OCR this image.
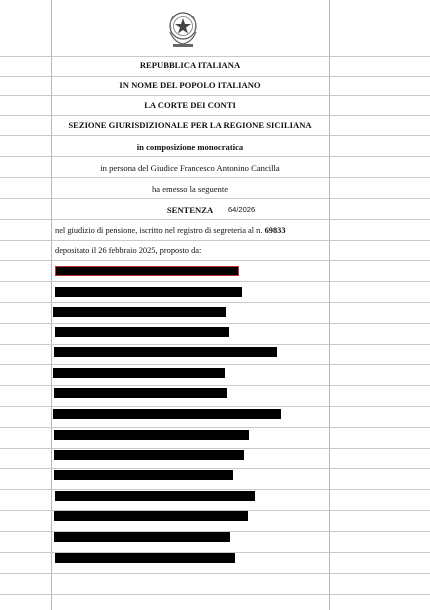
REPUBBLICA ITALIANA
IN NOME DEL POPOLO ITALIANO
LA CORTE DEI CONTI
SEZIONE GIURISDIZIONALE PER LA REGIONE SICILIANA
in composizione monocratica
in persona del Giudice Francesco Antonino Cancilla
ha emesso la seguente
SENTENZA	64/2026
nel giudizio di pensione, iscritto nel registro di segreteria al n. 69833
depositato il 26 febbraio 2025, proposto da:
